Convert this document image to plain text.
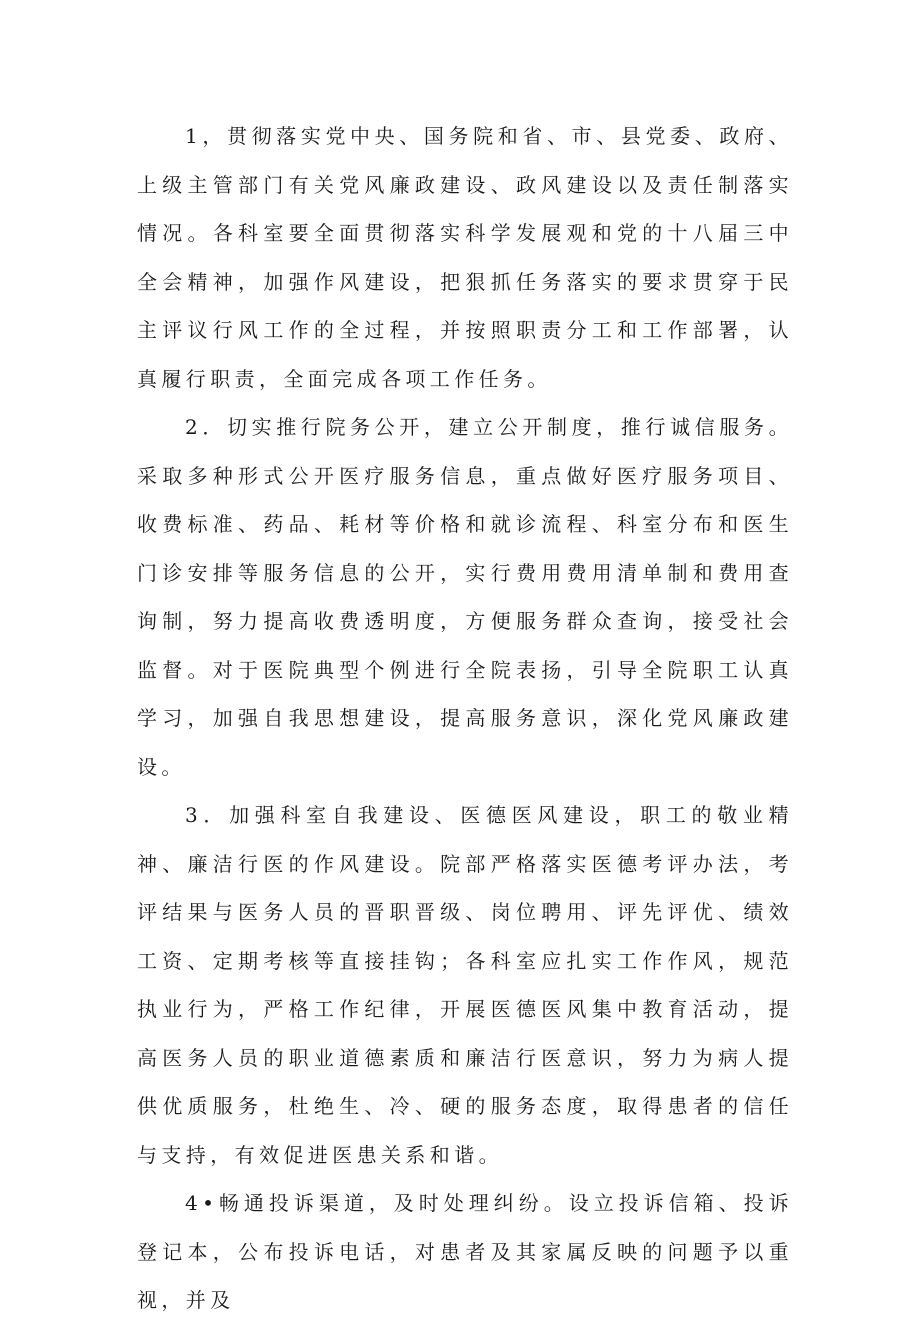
1，贯彻落实党中央、国务院和省、市、县党委、政府、上级主管部门有关党风廉政建设、政风建设以及责任制落实情况。各科室要全面贯彻落实科学发展观和党的十八届三中全会精神，加强作风建设，把狠抓任务落实的要求贯穿于民主评议行风工作的全过程，并按照职责分工和工作部署，认真履行职责，全面完成各项工作任务。

2．切实推行院务公开，建立公开制度，推行诚信服务。采取多种形式公开医疗服务信息，重点做好医疗服务项目、收费标准、药品、耗材等价格和就诊流程、科室分布和医生门诊安排等服务信息的公开，实行费用费用清单制和费用查询制，努力提高收费透明度，方便服务群众查询，接受社会监督。对于医院典型个例进行全院表扬，引导全院职工认真学习，加强自我思想建设，提高服务意识，深化党风廉政建设。

3．加强科室自我建设、医德医风建设，职工的敬业精神、廉洁行医的作风建设。院部严格落实医德考评办法，考评结果与医务人员的晋职晋级、岗位聘用、评先评优、绩效工资、定期考核等直接挂钩；各科室应扎实工作作风，规范执业行为，严格工作纪律，开展医德医风集中教育活动，提高医务人员的职业道德素质和廉洁行医意识，努力为病人提供优质服务，杜绝生、冷、硬的服务态度，取得患者的信任与支持，有效促进医患关系和谐。

4•畅通投诉渠道，及时处理纠纷。设立投诉信箱、投诉登记本，公布投诉电话，对患者及其家属反映的问题予以重视，并及
